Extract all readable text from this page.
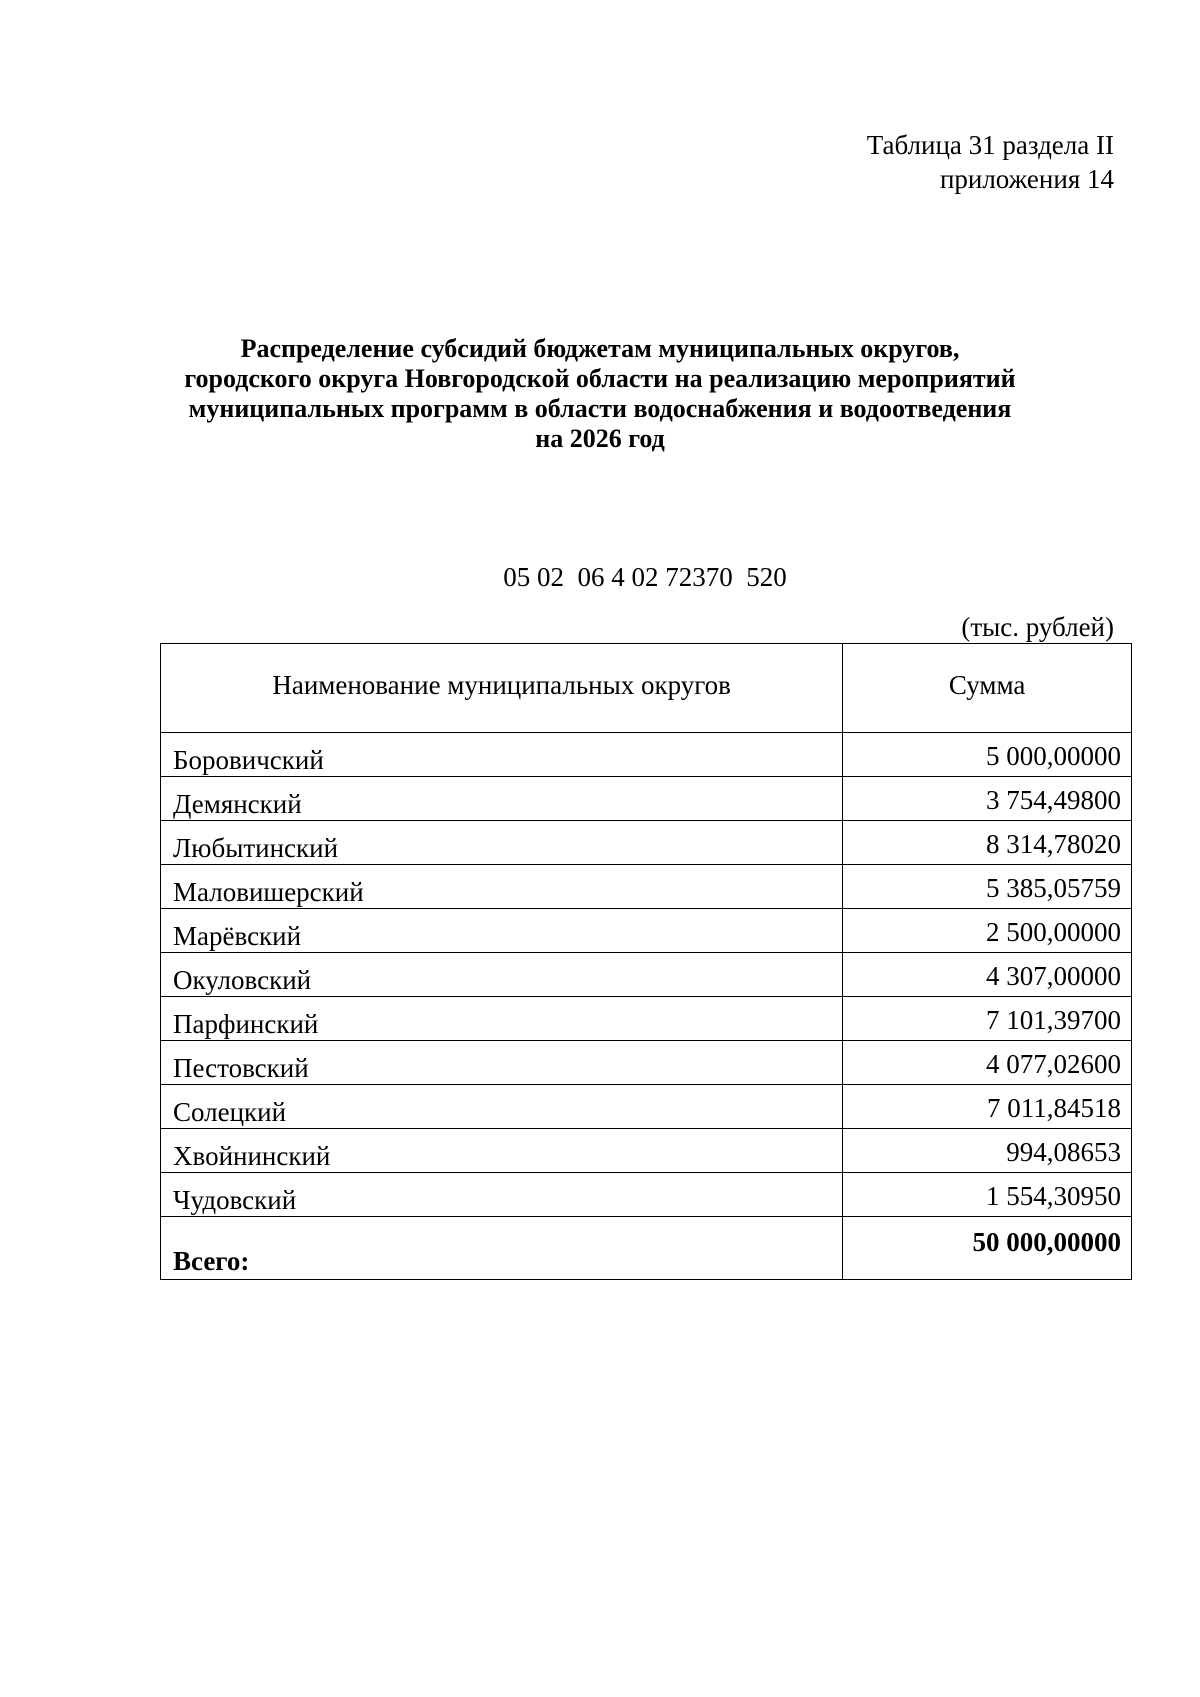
Таблица 31 раздела II
приложения 14
Распределение субсидий бюджетам муниципальных округов,
городского округа Новгородской области на реализацию мероприятий
муниципальных программ в области водоснабжения и водоотведения
на 2026 год
05 02  06 4 02 72370  520
(тыс. рублей)
Наименование муниципальных округов	Сумма
Боровичский	5 000,00000
Демянский	3 754,49800
Любытинский	8 314,78020
Маловишерский	5 385,05759
Марёвский	2 500,00000
Окуловский	4 307,00000
Парфинский	7 101,39700
Пестовский	4 077,02600
Солецкий	7 011,84518
Хвойнинский	994,08653
Чудовский	1 554,30950
Всего:	50 000,00000
